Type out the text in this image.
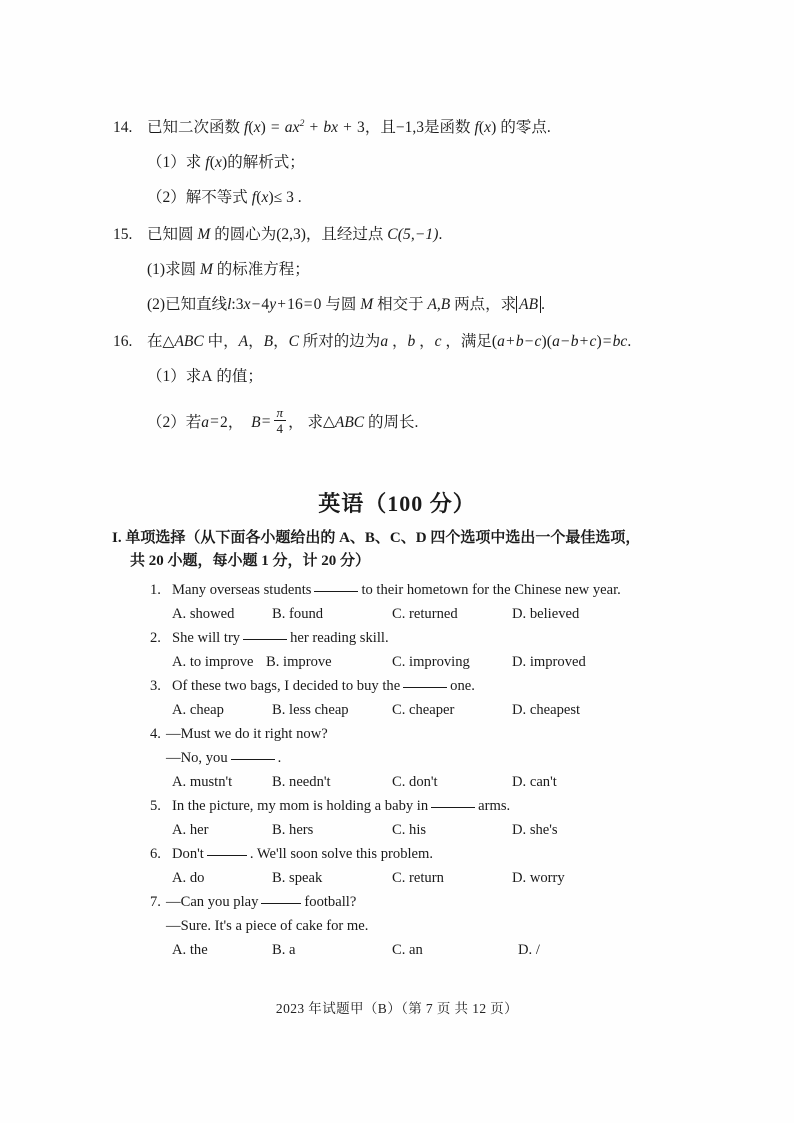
14. 已知二次函数 $f(x) = ax^2$ + bx + 3，且−1,3是函数 f(x) 的零点.
（1）求 f(x)的解析式；
（2）解不等式 f(x)≤ 3 .
15. 已知圆 M 的圆心为(2,3)，且经过点 C(5,−1).
(1)求圆 M 的标准方程；
(2)已知直线l:3x−4y+16=0 与圆 M 相交于 A,B 两点，求 AB .
16. 在 △ ABC 中，A，B，C 所对的边为a ，b ，c ，满足(a+b−c)(a−b+c)=bc.
（1）求A 的值；
（2）若a=2，  $B= \frac{\pi}{4}$ ， 求 △ ABC 的周长.
英语（100 分）
I. 单项选择（从下面各小题给出的 A、B、C、D 四个选项中选出一个最佳选项，
共 20 小题，每小题 1 分，计 20 分）
1. Many overseas students	to their hometown for the Chinese new year.
A. showed	B. found	C. returned	D. believed
2. She will try	her reading skill.
A. to improve B. improve	C. improving	D. improved
3. Of these two bags, I decided to buy the	one.
A. cheap	B. less cheap	C. cheaper	D. cheapest
4. —Must we do it right now?
—No, you	.
A. mustn't	B. needn't	C. don't	D. can't
5. In the picture, my mom is holding a baby in	arms.
A. her	B. hers	C. his	D. she's
6. Don't	. We'll soon solve this problem.
A. do	B. speak	C. return	D. worry
7. —Can you play	football?
—Sure. It's a piece of cake for me.
A. the	B. a	C. an	D. /
2023 年试题甲（B）（第 7 页 共 12 页）
